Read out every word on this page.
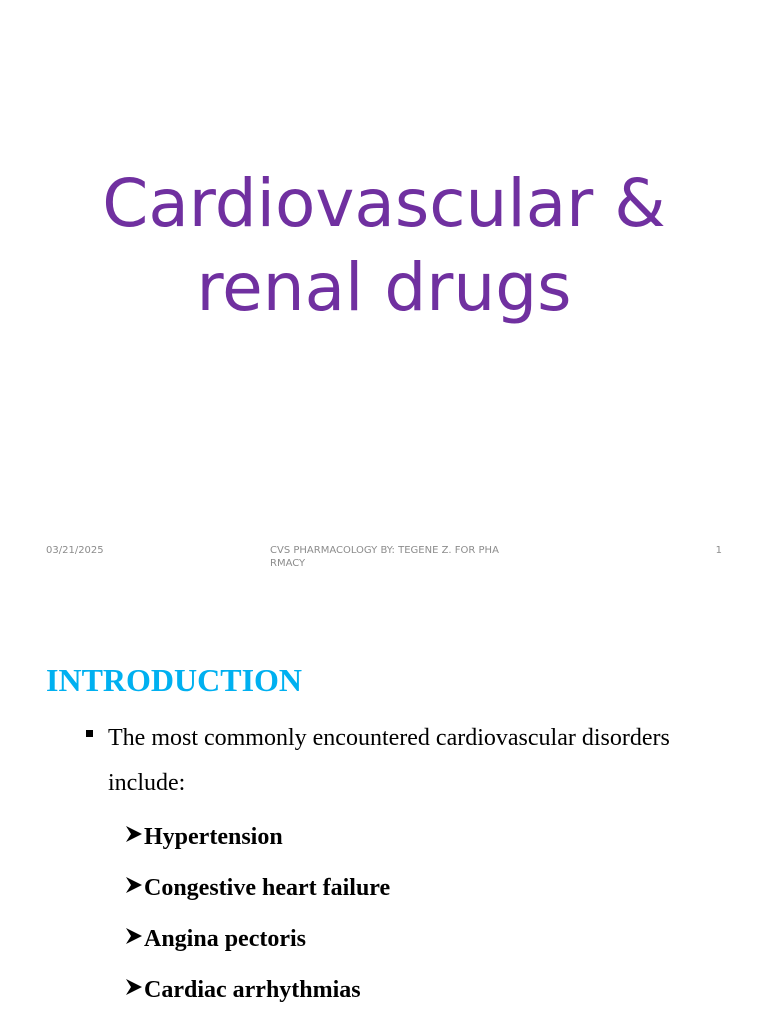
Cardiovascular &
renal drugs
03/21/2025	CVS PHARMACOLOGY BY: TEGENE Z. FOR PHARMACY
1
INTRODUCTION
The most commonly encountered cardiovascular disorders include:
Hypertension
Congestive heart failure
Angina pectoris
Cardiac arrhythmias
